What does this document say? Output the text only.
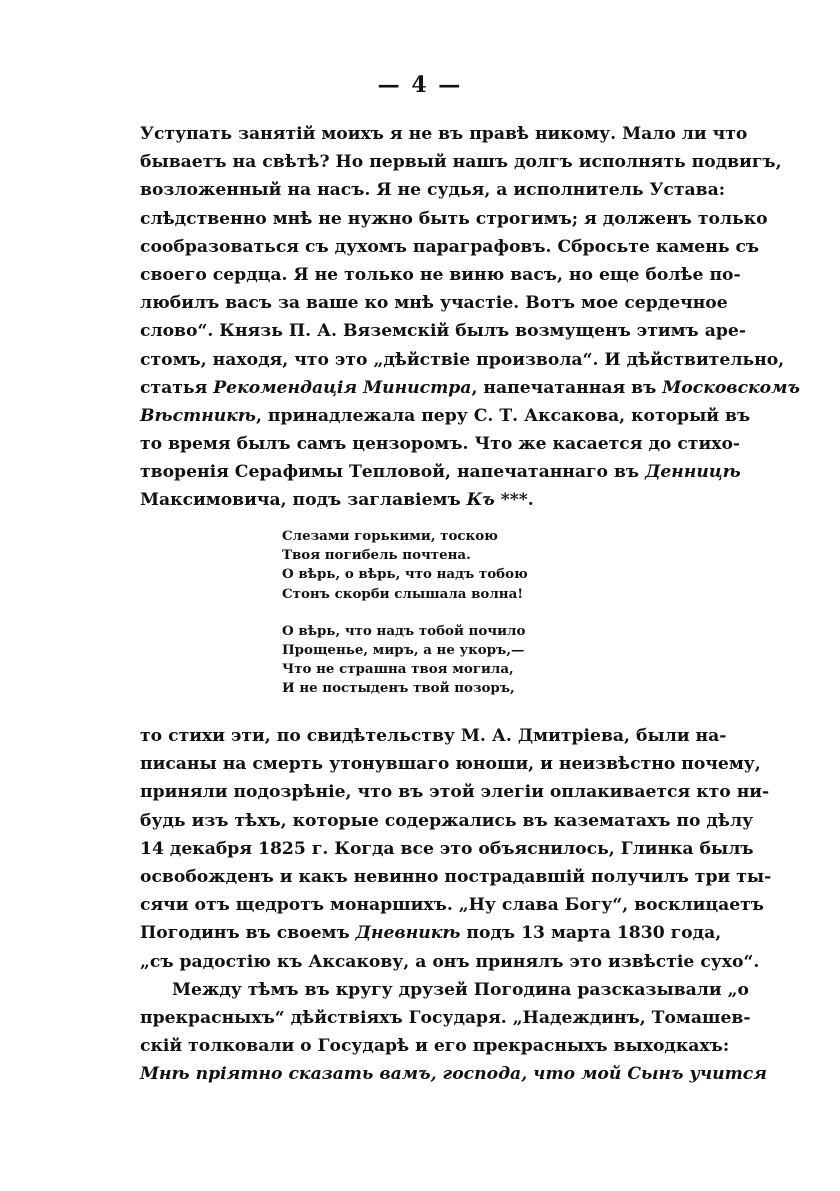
— 4 —
Уступать занятій моихъ я не въ правѣ никому. Мало ли что
бываетъ на свѣтѣ? Но первый нашъ долгъ исполнять подвигъ,
возложенный на насъ. Я не судья, а исполнитель Устава:
слѣдственно мнѣ не нужно быть строгимъ; я долженъ только
сообразоваться съ духомъ параграфовъ. Сбросьте камень съ
своего сердца. Я не только не виню васъ, но еще болѣе по-
любилъ васъ за ваше ко мнѣ участіе. Вотъ мое сердечное
слово“. Князь П. А. Вяземскій былъ возмущенъ этимъ аре-
стомъ, находя, что это „дѣйствіе произвола“. И дѣйствительно,
статья Рекомендація Министра, напечатанная въ Московскомъ
Вѣстникѣ, принадлежала перу С. Т. Аксакова, который въ
то время былъ самъ цензоромъ. Что же касается до стихо-
творенія Серафимы Тепловой, напечатаннаго въ Денницѣ
Максимовича, подъ заглавіемъ Къ ***.
Слезами горькими, тоскою
Твоя погибель почтена.
О вѣрь, о вѣрь, что надъ тобою
Стонъ скорби слышала волна!
О вѣрь, что надъ тобой почило
Прощенье, миръ, а не укоръ,—
Что не страшна твоя могила,
И не постыденъ твой позоръ,
то стихи эти, по свидѣтельству М. А. Дмитріева, были на-
писаны на смерть утонувшаго юноши, и неизвѣстно почему,
приняли подозрѣніе, что въ этой элегіи оплакивается кто ни-
будь изъ тѣхъ, которые содержались въ казематахъ по дѣлу
14 декабря 1825 г. Когда все это объяснилось, Глинка былъ
освобожденъ и какъ невинно пострадавшій получилъ три ты-
сячи отъ щедротъ монаршихъ. „Ну слава Богу“, восклицаетъ
Погодинъ въ своемъ Дневникѣ подъ 13 марта 1830 года,
„съ радостію къ Аксакову, а онъ принялъ это извѣстіе сухо“.
Между тѣмъ въ кругу друзей Погодина разсказывали „о
прекрасныхъ“ дѣйствіяхъ Государя. „Надеждинъ, Томашев-
скій толковали о Государѣ и его прекрасныхъ выходкахъ:
Мнѣ пріятно сказать вамъ, господа, что мой Сынъ учится
